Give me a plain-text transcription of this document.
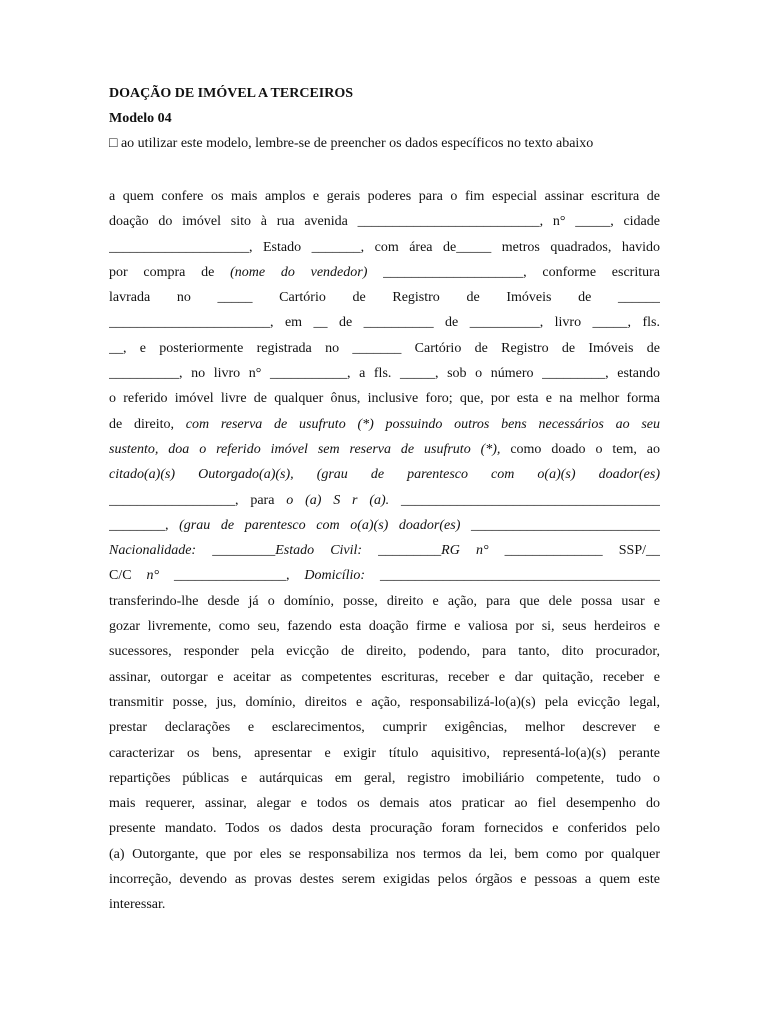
DOAÇÃO DE IMÓVEL A TERCEIROS
Modelo 04
□ ao utilizar este modelo, lembre-se de preencher os dados específicos no texto abaixo
a quem confere os mais amplos e gerais poderes para o fim especial assinar escritura de
doação do imóvel sito à rua avenida __________________________, n° _____, cidade
____________________, Estado _______, com área de_____ metros quadrados, havido
por compra de (nome do vendedor) ____________________, conforme escritura
lavrada no _____ Cartório de Registro de Imóveis de ______
_______________________, em __ de __________ de __________, livro _____, fls.
__, e posteriormente registrada no _______ Cartório de Registro de Imóveis de
__________, no livro n° ___________, a fls. _____, sob o número _________, estando
o referido imóvel livre de qualquer ônus, inclusive foro; que, por esta e na melhor forma
de direito, com reserva de usufruto (*) possuindo outros bens necessários ao seu
sustento, doa o referido imóvel sem reserva de usufruto (*), como doado o tem, ao
citado(a)(s) Outorgado(a)(s), (grau de parentesco com o(a)(s) doador(es)
__________________, para o (a) S r (a). _____________________________________
________, (grau de parentesco com o(a)(s) doador(es) ___________________________
Nacionalidade: _________Estado Civil: _________RG n° ______________ SSP/__
C/C n° ________________, Domicílio: ________________________________________
transferindo-lhe desde já o domínio, posse, direito e ação, para que dele possa usar e
gozar livremente, como seu, fazendo esta doação firme e valiosa por si, seus herdeiros e
sucessores, responder pela evicção de direito, podendo, para tanto, dito procurador,
assinar, outorgar e aceitar as competentes escrituras, receber e dar quitação, receber e
transmitir posse, jus, domínio, direitos e ação, responsabilizá-lo(a)(s) pela evicção legal,
prestar declarações e esclarecimentos, cumprir exigências, melhor descrever e
caracterizar os bens, apresentar e exigir título aquisitivo, representá-lo(a)(s) perante
repartições públicas e autárquicas em geral, registro imobiliário competente, tudo o
mais requerer, assinar, alegar e todos os demais atos praticar ao fiel desempenho do
presente mandato. Todos os dados desta procuração foram fornecidos e conferidos pelo
(a) Outorgante, que por eles se responsabiliza nos termos da lei, bem como por qualquer
incorreção, devendo as provas destes serem exigidas pelos órgãos e pessoas a quem este
interessar.
